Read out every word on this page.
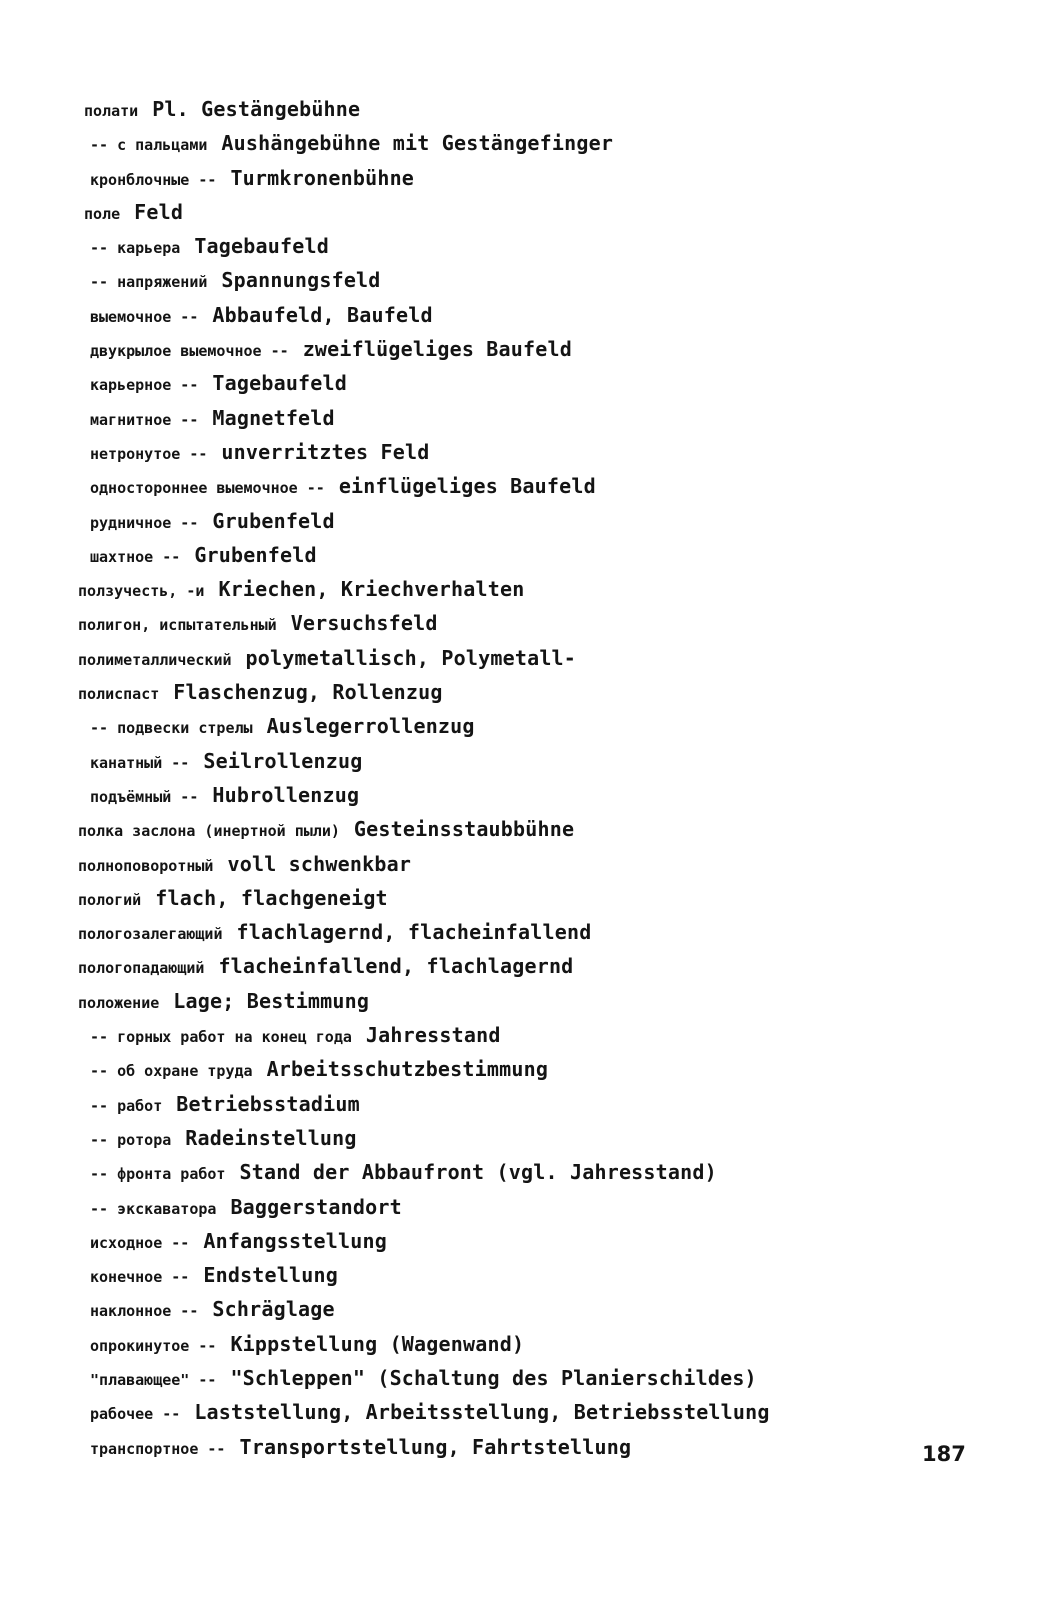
полати Pl. Gestängebühne
-- с пальцами Aushängebühne mit Gestängefinger
кронблочные -- Turmkronenbühne
поле Feld
-- карьера Tagebaufeld
-- напряжений Spannungsfeld
выемочное -- Abbaufeld, Baufeld
двукрылое выемочное -- zweiflügeliges Baufeld
карьерное -- Tagebaufeld
магнитное -- Magnetfeld
нетронутое -- unverritztes Feld
одностороннее выемочное -- einflügeliges Baufeld
рудничное -- Grubenfeld
шахтное -- Grubenfeld
ползучесть, -и Kriechen, Kriechverhalten
полигон, испытательный Versuchsfeld
полиметаллический polymetallisch, Polymetall-
полиспаст Flaschenzug, Rollenzug
-- подвески стрелы Auslegerrollenzug
канатный -- Seilrollenzug
подъёмный -- Hubrollenzug
полка заслона (инертной пыли) Gesteinsstaubbühne
полноповоротный voll schwenkbar
пологий flach, flachgeneigt
пологозалегающий flachlagernd, flacheinfallend
пологопадающий flacheinfallend, flachlagernd
положение Lage; Bestimmung
-- горных работ на конец года Jahresstand
-- об охране труда Arbeitsschutzbestimmung
-- работ Betriebsstadium
-- ротора Radeinstellung
-- фронта работ Stand der Abbaufront (vgl. Jahresstand)
-- экскаватора Baggerstandort
исходное -- Anfangsstellung
конечное -- Endstellung
наклонное -- Schräglage
опрокинутое -- Kippstellung (Wagenwand)
"плавающее" -- "Schleppen" (Schaltung des Planierschildes)
рабочее -- Laststellung, Arbeitsstellung, Betriebsstellung
транспортное -- Transportstellung, Fahrtstellung	187
